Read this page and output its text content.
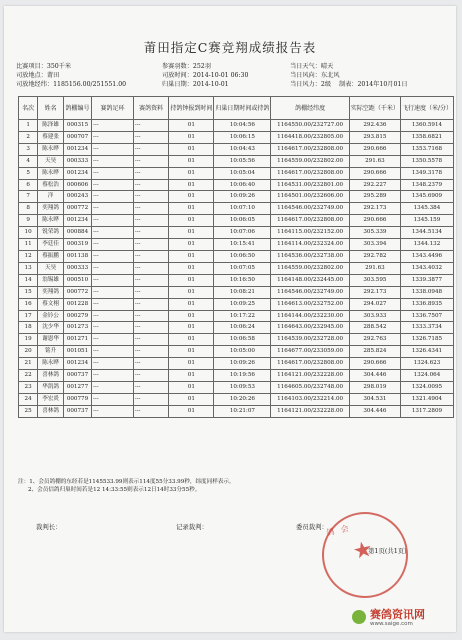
莆田指定C赛竞翔成绩报告表
比赛项目：350千米
司放地点：莆田
司放地经纬：1185156.00/251551.00
参赛羽数：252羽
司放时间：2014-10-01 06:30
归巢日期：2014-10-01
当日天气：晴天
当日风向：东北风
当日风力：2级 制表：2014年10月01日
名次	姓名	鸽棚编号	赛鸽足环	赛鸽资料	持鸽钟报到时间	归巢日期时间或持鸽	鸽棚经纬度	实际空距（千米）	飞行速度（米/分）
1	陈泽雄	000315	---	---	01	10:04:56	1164550.00/232727.00	292.436	1360.5914
2	蔡建张	000707	---	---	01	10:06:15	1164418.00/232805.00	293.815	1358.6821
3	陈永晔	001234	---	---	01	10:04:43	1164617.00/232808.00	290.666	1353.7168
4	天昊	000333	---	---	01	10:05:56	1164559.00/232802.00	291.63	1350.5578
5	陈永晔	001234	---	---	01	10:05:04	1164617.00/232808.00	290.666	1349.3178
6	蔡松浩	000606	---	---	01	10:06:40	1164531.00/232801.00	292.227	1348.2379
7	洋	000243	---	---	01	10:09:26	1164501.00/232606.00	295.289	1345.6909
8	奕翔鸽	000772	---	---	01	10:07:10	1164546.00/232749.00	292.173	1345.384
9	陈永晔	001234	---	---	01	10:06:05	1164617.00/232808.00	290.666	1345.159
10	锐荣鸽	000884	---	---	01	10:07:06	1164115.00/232152.00	305.339	1344.5134
11	李廷佳	000319	---	---	01	10:15:41	1164114.00/232324.00	303.394	1344.132
12	蔡振鹏	001138	---	---	01	10:06:50	1164536.00/232738.00	292.782	1343.4496
13	天昊	000333	---	---	01	10:07:05	1164559.00/232802.00	291.63	1343.4032
14	翁锡雄	000510	---	---	01	10:16:50	1164148.00/232445.00	303.595	1339.3877
15	奕翔鸽	000772	---	---	01	10:08:21	1164546.00/232749.00	292.173	1338.0948
16	蔡文栩	001228	---	---	01	10:09:25	1164613.00/232752.00	294.027	1336.8935
17	金钤公	000279	---	---	01	10:17:22	1164144.00/232230.00	303.933	1336.7507
18	沈少华	001273	---	---	01	10:06:24	1164643.00/232945.00	288.542	1333.3734
19	谢恩华	001271	---	---	01	10:06:58	1164539.00/232728.00	292.763	1326.7185
20	铭升	001051	---	---	01	10:05:00	1164677.00/233059.00	285.824	1326.4341
21	陈永晔	001234	---	---	01	10:09:26	1164617.00/232808.00	290.666	1324.623
22	喜林鸽	000737	---	---	01	10:19:56	1164121.00/232228.00	304.446	1324.064
23	华凯鸽	001277	---	---	01	10:09:53	1164605.00/232748.00	298.019	1324.0095
24	李宏炎	000779	---	---	01	10:20:26	1164103.00/232214.00	304.531	1321.4904
25	喜林鸽	000737	---	---	01	10:21:07	1164121.00/232228.00	304.446	1317.2809
注：1、会员鸽棚的东经若是1145533.99则表示114度55分33.99秒，纬度同样表示。
2、会员信鸽归巢时间若是12 14:33:55则表示12日14时33分55秒。
裁判长：	记录裁判：	委员裁判：
第1页(共1页)
鸽 会
★
赛鸽资讯网
www.saige.com
